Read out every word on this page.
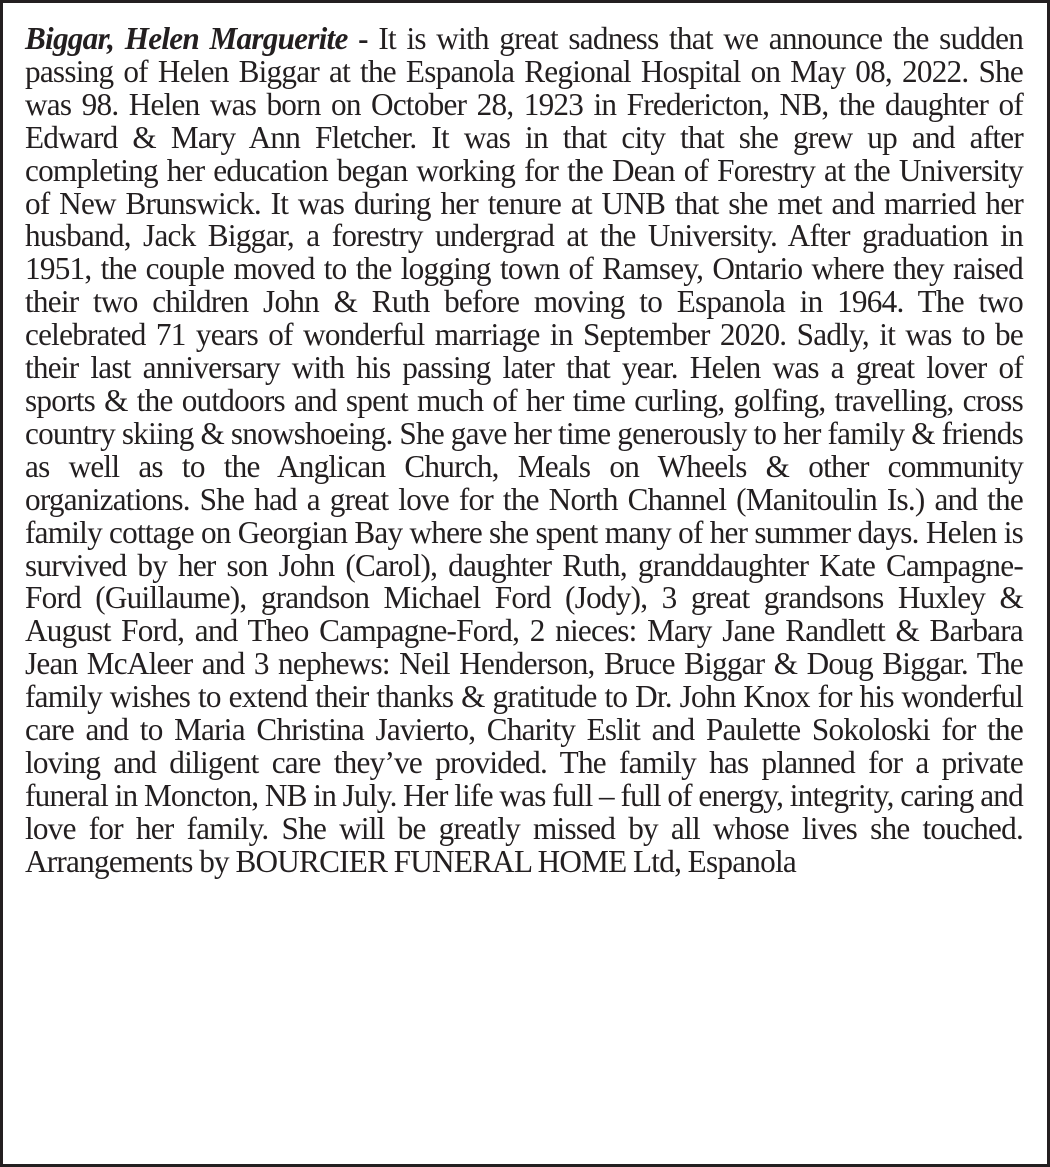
Biggar, Helen Marguerite - It is with great sadness that we announce the sudden passing of Helen Biggar at the Espanola Regional Hospital on May 08, 2022. She was 98. Helen was born on October 28, 1923 in Fredericton, NB, the daughter of Edward & Mary Ann Fletcher. It was in that city that she grew up and after completing her education began working for the Dean of Forestry at the University of New Brunswick. It was during her tenure at UNB that she met and married her husband, Jack Biggar, a forestry undergrad at the University. After graduation in 1951, the couple moved to the logging town of Ramsey, Ontario where they raised their two children John & Ruth before moving to Espanola in 1964. The two celebrated 71 years of wonderful marriage in September 2020. Sadly, it was to be their last anniversary with his passing later that year. Helen was a great lover of sports & the outdoors and spent much of her time curling, golfing, travelling, cross country skiing & snowshoeing. She gave her time generously to her family & friends as well as to the Anglican Church, Meals on Wheels & other community organizations. She had a great love for the North Channel (Manitoulin Is.) and the family cottage on Georgian Bay where she spent many of her summer days. Helen is survived by her son John (Carol), daughter Ruth, granddaughter Kate Campagne-Ford (Guillaume), grandson Michael Ford (Jody), 3 great grandsons Huxley & August Ford, and Theo Campagne-Ford, 2 nieces: Mary Jane Randlett & Barbara Jean McAleer and 3 nephews: Neil Henderson, Bruce Biggar & Doug Biggar. The family wishes to extend their thanks & gratitude to Dr. John Knox for his wonderful care and to Maria Christina Javierto, Charity Eslit and Paulette Sokoloski for the loving and diligent care they’ve provided. The family has planned for a private funeral in Moncton, NB in July. Her life was full – full of energy, integrity, caring and love for her family. She will be greatly missed by all whose lives she touched. Arrangements by BOURCIER FUNERAL HOME Ltd, Espanola
